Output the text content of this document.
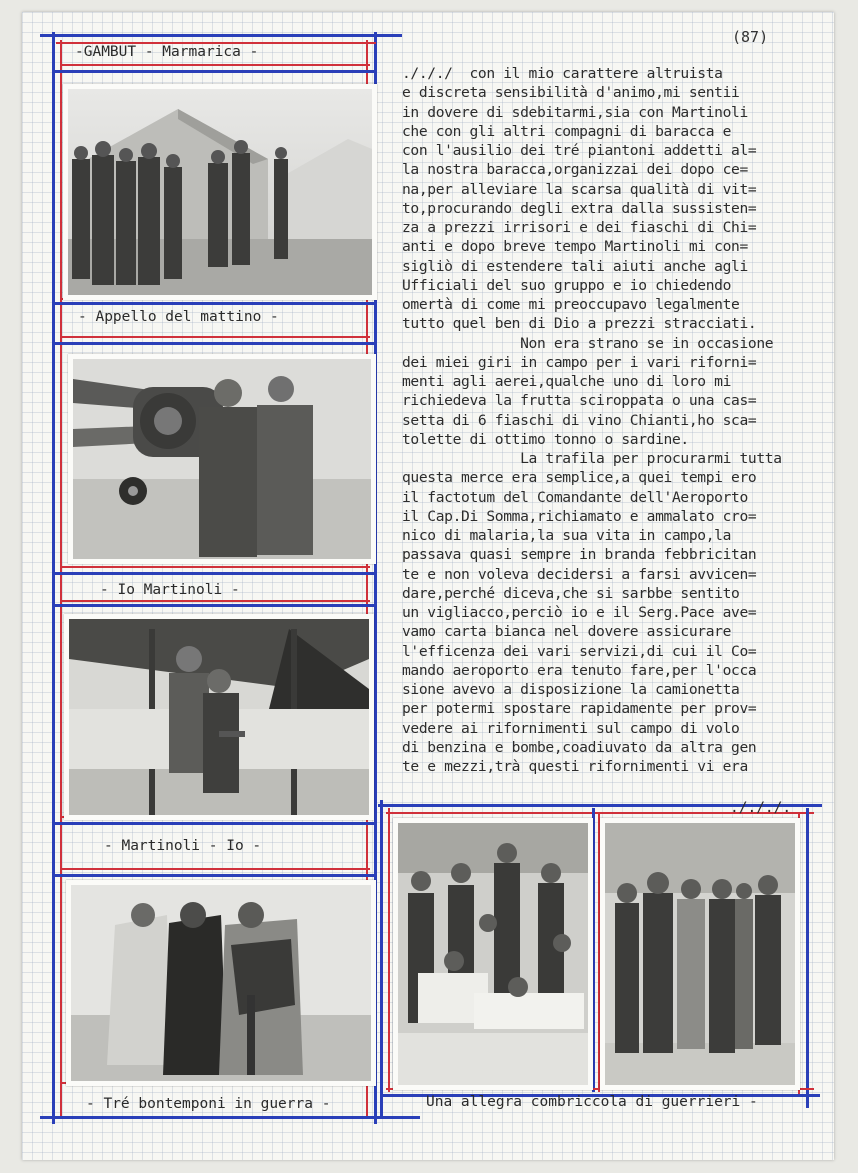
(87)
-GAMBUT - Marmarica -
- Appello del mattino -
- Io Martinoli -
- Martinoli - Io -
- Tré bontemponi in guerra -	Una allegra combriccola di guerrieri -
./././  con il mio carattere altruista
e discreta sensibilità d'animo,mi sentii
in dovere di sdebitarmi,sia con Martinoli
che con gli altri compagni di baracca e
con l'ausilio dei tré piantoni addetti al=
la nostra baracca,organizzai dei dopo ce=
na,per alleviare la scarsa qualità di vit=
to,procurando degli extra dalla sussisten=
za a prezzi irrisori e dei fiaschi di Chi=
anti e dopo breve tempo Martinoli mi con=
sigliò di estendere tali aiuti anche agli
Ufficiali del suo gruppo e io chiedendo
omertà di come mi preoccupavo legalmente
tutto quel ben di Dio a prezzi stracciati.
Non era strano se in occasione
dei miei giri in campo per i vari riforni=
menti agli aerei,qualche uno di loro mi
richiedeva la frutta sciroppata o una cas=
setta di 6 fiaschi di vino Chianti,ho sca=
tolette di ottimo tonno o sardine.
La trafila per procurarmi tutta
questa merce era semplice,a quei tempi ero
il factotum del Comandante dell'Aeroporto
il Cap.Di Somma,richiamato e ammalato cro=
nico di malaria,la sua vita in campo,la
passava quasi sempre in branda febbricitan
te e non voleva decidersi a farsi avvicen=
dare,perché diceva,che si sarbbe sentito
un vigliacco,perciò io e il Serg.Pace ave=
vamo carta bianca nel dovere assicurare
l'efficenza dei vari servizi,di cui il Co=
mando aeroporto era tenuto fare,per l'occa
sione avevo a disposizione la camionetta
per potermi spostare rapidamente per prov=
vedere ai rifornimenti sul campo di volo
di benzina e bombe,coadiuvato da altra gen
te e mezzi,trà questi rifornimenti vi era
./././.
